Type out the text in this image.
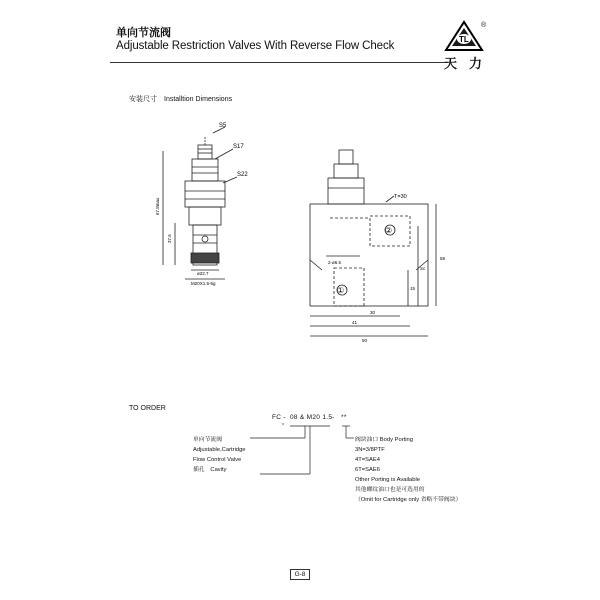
单向节流阀
Adjustable Restriction Valves With Reverse Flow Check
TL
®
天力
安装尺寸　Installtion Dimensions
S5
S17
S22
67.8max
37.6
ø22.7
M20X1.5-6g
T=30
②
①
2-ø6.5
30
41
50
58
Sc
15
TO ORDER
FC - 08 & M20 1.5 - **
单向节流阀
Adjustable,Cartridge
Flow Control Valve
插孔　Cavity
阀块油口 Body Porting
3N=3/8PTF
4T=SAE4
6T=SAE6
Other Porting is Available
其他螺纹油口也是可选用的
（Omit for Cartridge only 省略不带阀块）
G-8
